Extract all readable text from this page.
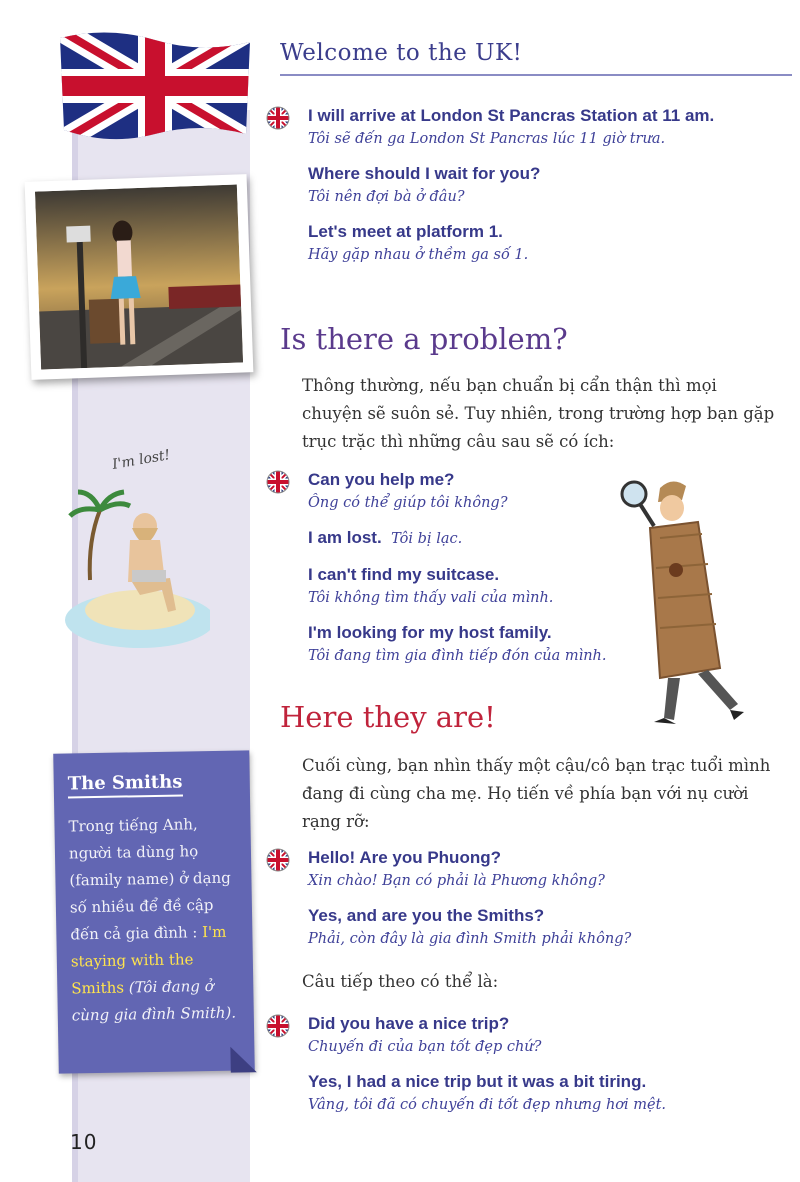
I'm lost!
The Smiths
Trong tiếng Anh, người ta dùng họ (family name) ở dạng số nhiều để đề cập đến cả gia đình : I'm staying with the Smiths (Tôi đang ở cùng gia đình Smith).
10
Welcome to the UK!
I will arrive at London St Pancras Station at 11 am.
Tôi sẽ đến ga London St Pancras lúc 11 giờ trưa.
Where should I wait for you?
Tôi nên đợi bà ở đâu?
Let's meet at platform 1.
Hãy gặp nhau ở thềm ga số 1.
Is there a problem?
Thông thường, nếu bạn chuẩn bị cẩn thận thì mọi chuyện sẽ suôn sẻ. Tuy nhiên, trong trường hợp bạn gặp trục trặc thì những câu sau sẽ có ích:
Can you help me?
Ông có thể giúp tôi không?
I am lost. Tôi bị lạc.
I can't find my suitcase.
Tôi không tìm thấy vali của mình.
I'm looking for my host family.
Tôi đang tìm gia đình tiếp đón của mình.
Here they are!
Cuối cùng, bạn nhìn thấy một cậu/cô bạn trạc tuổi mình đang đi cùng cha mẹ. Họ tiến về phía bạn với nụ cười rạng rỡ:
Hello! Are you Phuong?
Xin chào! Bạn có phải là Phương không?
Yes, and are you the Smiths?
Phải, còn đây là gia đình Smith phải không?
Câu tiếp theo có thể là:
Did you have a nice trip?
Chuyến đi của bạn tốt đẹp chứ?
Yes, I had a nice trip but it was a bit tiring.
Vâng, tôi đã có chuyến đi tốt đẹp nhưng hơi mệt.
